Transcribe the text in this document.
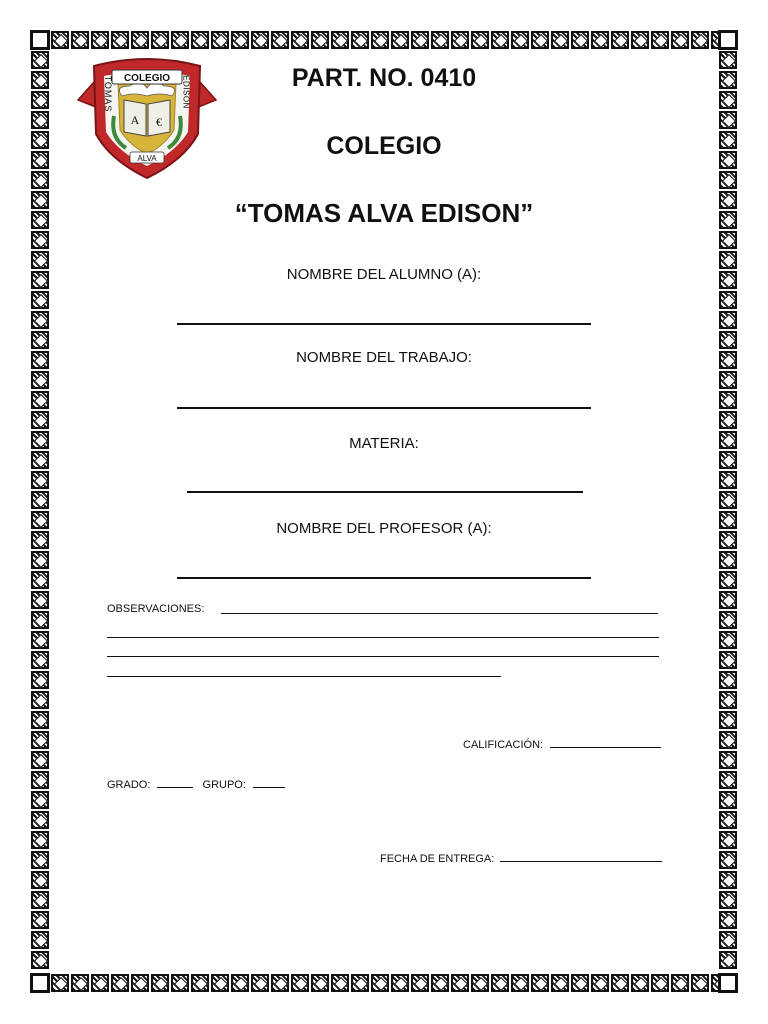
COLEGIO
A €
TOMAS	EDISON
ALVA
PART. NO. 0410
COLEGIO
“TOMAS ALVA EDISON”
NOMBRE DEL ALUMNO (A):
NOMBRE DEL TRABAJO:
MATERIA:
NOMBRE DEL PROFESOR (A):
OBSERVACIONES:
CALIFICACIÓN:
GRADO:	GRUPO:
FECHA DE ENTREGA:
